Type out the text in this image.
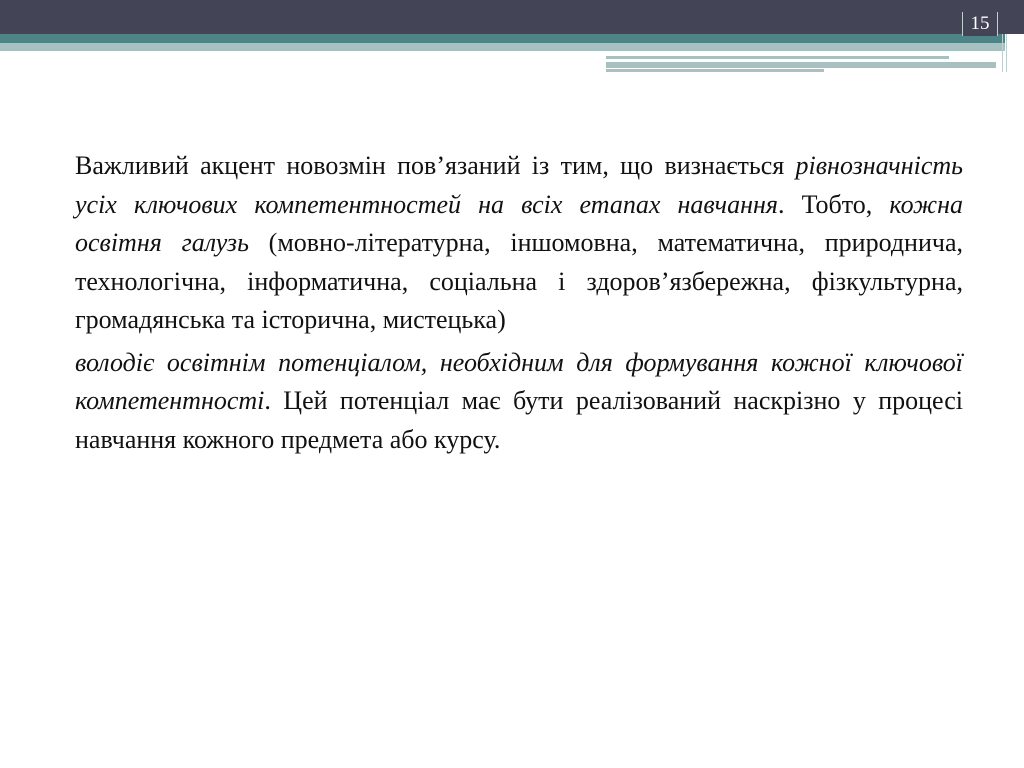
15

Важливий акцент новозмін пов’язаний із тим, що визнається рівнозначність усіх ключових компетентностей на всіх етапах навчання. Тобто, кожна освітня галузь (мовно-літературна, іншомовна, математична, природнича, технологічна, інформатична, соціальна і здоров’язбережна, фізкультурна, громадянська та історична, мистецька)

володіє освітнім потенціалом, необхідним для формування кожної ключової компетентності. Цей потенціал має бути реалізований наскрізно у процесі навчання кожного предмета або курсу.
